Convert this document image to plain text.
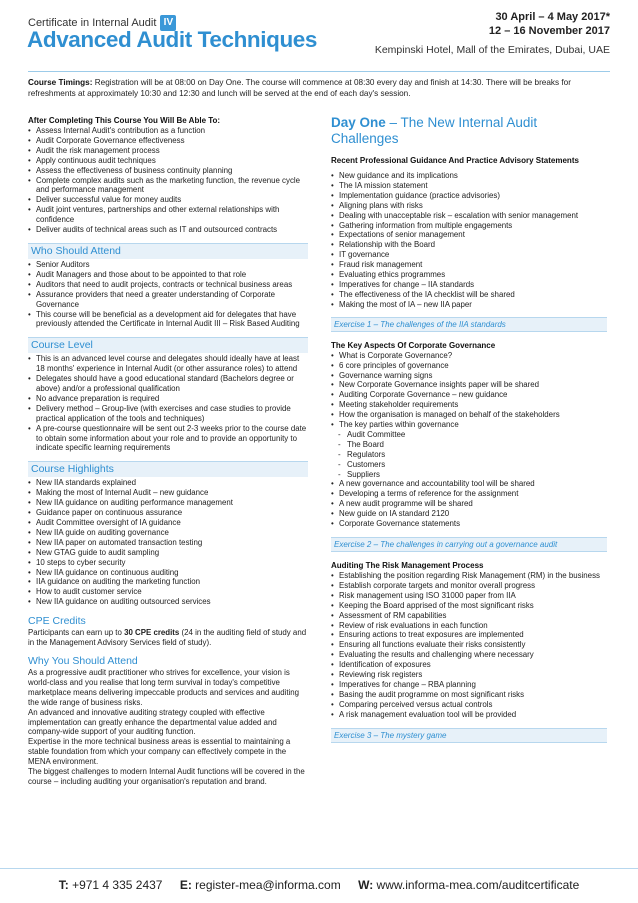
Certificate in Internal Audit IV
Advanced Audit Techniques
30 April – 4 May 2017*
12 – 16 November 2017
Kempinski Hotel, Mall of the Emirates, Dubai, UAE
Course Timings: Registration will be at 08:00 on Day One. The course will commence at 08:30 every day and finish at 14:30. There will be breaks for refreshments at approximately 10:30 and 12:30 and lunch will be served at the end of each day's session.
After Completing This Course You Will Be Able To:
• Assess Internal Audit's contribution as a function
• Audit Corporate Governance effectiveness
• Audit the risk management process
• Apply continuous audit techniques
• Assess the effectiveness of business continuity planning
• Complete complex audits such as the marketing function, the revenue cycle and performance management
• Deliver successful value for money audits
• Audit joint ventures, partnerships and other external relationships with confidence
• Deliver audits of technical areas such as IT and outsourced contracts
Who Should Attend
• Senior Auditors
• Audit Managers and those about to be appointed to that role
• Auditors that need to audit projects, contracts or technical business areas
• Assurance providers that need a greater understanding of Corporate Governance
• This course will be beneficial as a development aid for delegates that have previously attended the Certificate in Internal Audit III – Risk Based Auditing
Course Level
• This is an advanced level course and delegates should ideally have at least 18 months' experience in Internal Audit (or other assurance roles) to attend
• Delegates should have a good educational standard (Bachelors degree or above) and/or a professional qualification
• No advance preparation is required
• Delivery method – Group-live (with exercises and case studies to provide practical application of the tools and techniques)
• A pre-course questionnaire will be sent out 2-3 weeks prior to the course date to obtain some information about your role and to provide an opportunity to indicate specific learning requirements
Course Highlights
• New IIA standards explained
• Making the most of Internal Audit – new guidance
• New IIA guidance on auditing performance management
• Guidance paper on continuous assurance
• Audit Committee oversight of IA guidance
• New IIA guide on auditing governance
• New IIA paper on automated transaction testing
• New GTAG guide to audit sampling
• 10 steps to cyber security
• New IIA guidance on continuous auditing
• IIA guidance on auditing the marketing function
• How to audit customer service
• New IIA guidance on auditing outsourced services
CPE Credits
Participants can earn up to 30 CPE credits (24 in the auditing field of study and in the Management Advisory Services field of study).
Why You Should Attend
As a progressive audit practitioner who strives for excellence, your vision is world-class and you realise that long term survival in today's competitive marketplace means delivering impeccable products and services and auditing the wide range of business risks.
An advanced and innovative auditing strategy coupled with effective implementation can greatly enhance the departmental value added and company-wide support of your auditing function.
Expertise in the more technical business areas is essential to maintaining a stable foundation from which your company can effectively compete in the MENA environment.
The biggest challenges to modern Internal Audit functions will be covered in the course – including auditing your organisation's reputation and brand.
Day One – The New Internal Audit Challenges
Recent Professional Guidance And Practice Advisory Statements
• New guidance and its implications
• The IA mission statement
• Implementation guidance (practice advisories)
• Aligning plans with risks
• Dealing with unacceptable risk – escalation with senior management
• Gathering information from multiple engagements
• Expectations of senior management
• Relationship with the Board
• IT governance
• Fraud risk management
• Evaluating ethics programmes
• Imperatives for change – IIA standards
• The effectiveness of the IA checklist will be shared
• Making the most of IA – new IIA paper
Exercise 1 – The challenges of the IIA standards
The Key Aspects Of Corporate Governance
• What is Corporate Governance?
• 6 core principles of governance
• Governance warning signs
• New Corporate Governance insights paper will be shared
• Auditing Corporate Governance – new guidance
• Meeting stakeholder requirements
• How the organisation is managed on behalf of the stakeholders
• The key parties within governance
- Audit Committee
- The Board
- Regulators
- Customers
- Suppliers
• A new governance and accountability tool will be shared
• Developing a terms of reference for the assignment
• A new audit programme will be shared
• New guide on IA standard 2120
• Corporate Governance statements
Exercise 2 – The challenges in carrying out a governance audit
Auditing The Risk Management Process
• Establishing the position regarding Risk Management (RM) in the business
• Establish corporate targets and monitor overall progress
• Risk management using ISO 31000 paper from IIA
• Keeping the Board apprised of the most significant risks
• Assessment of RM capabilities
• Review of risk evaluations in each function
• Ensuring actions to treat exposures are implemented
• Ensuring all functions evaluate their risks consistently
• Evaluating the results and challenging where necessary
• Identification of exposures
• Reviewing risk registers
• Imperatives for change – RBA planning
• Basing the audit programme on most significant risks
• Comparing perceived versus actual controls
• A risk management evaluation tool will be provided
Exercise 3 – The mystery game
T: +971 4 335 2437 E: register-mea@informa.com W: www.informa-mea.com/auditcertificate
